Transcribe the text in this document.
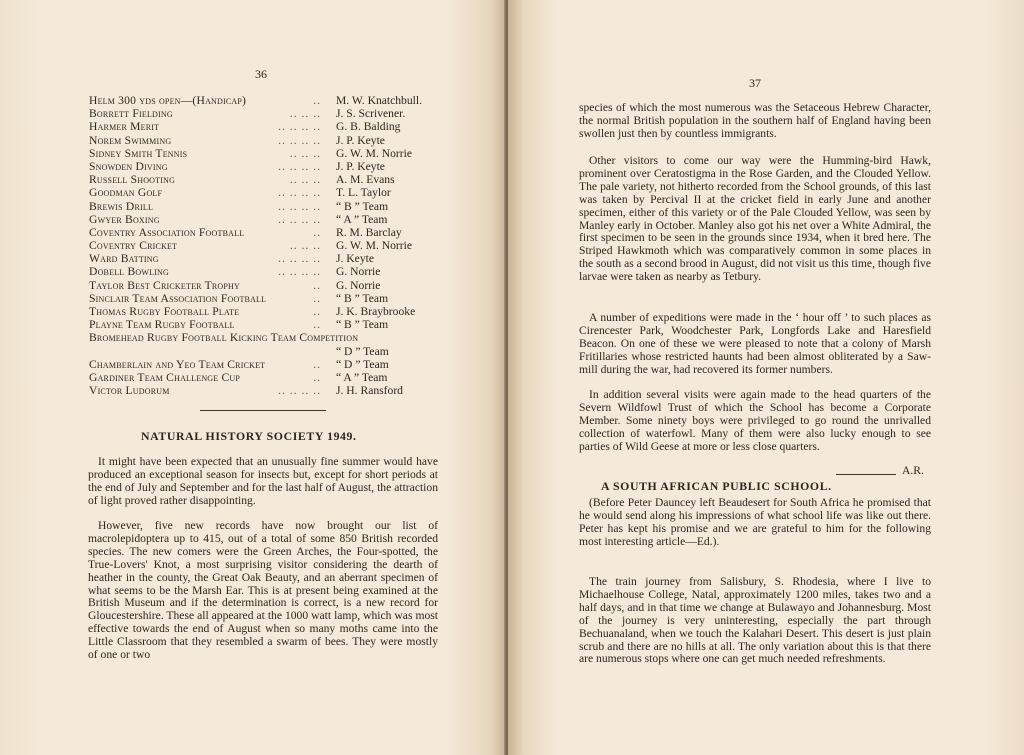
36
Helm 300 yds open—(Handicap)	.. M. W. Knatchbull.
Borrett Fielding	.. .. .. J. S. Scrivener.
Harmer Merit	.. .. .. .. G. B. Balding
Norem Swimming	.. .. .. .. J. P. Keyte
Sidney Smith Tennis	.. .. .. G. W. M. Norrie
Snowden Diving	.. .. .. .. J. P. Keyte
Russell Shooting	.. .. .. A. M. Evans
Goodman Golf	.. .. .. .. T. L. Taylor
Brewis Drill	.. .. .. .. “ B ” Team
Gwyer Boxing	.. .. .. .. “ A ” Team
Coventry Association Football	.. R. M. Barclay
Coventry Cricket	.. .. .. G. W. M. Norrie
Ward Batting	.. .. .. .. J. Keyte
Dobell Bowling	.. .. .. .. G. Norrie
Taylor Best Cricketer Trophy	.. G. Norrie
Sinclair Team Association Football	.. “ B ” Team
Thomas Rugby Football Plate	.. J. K. Braybrooke
Playne Team Rugby Football	.. “ B ” Team
Bromehead Rugby Football Kicking Team Competition
“ D ” Team
Chamberlain and Yeo Team Cricket	.. “ D ” Team
Gardiner Team Challenge Cup	.. “ A ” Team
Victor Ludorum	.. .. .. .. J. H. Ransford
NATURAL HISTORY SOCIETY 1949.
It might have been expected that an unusually fine summer would have produced an exceptional season for insects but, except for short periods at the end of July and September and for the last half of August, the attraction of light proved rather disappointing.
However, five new records have now brought our list of macrolepidoptera up to 415, out of a total of some 850 British recorded species. The new comers were the Green Arches, the Four-spotted, the True-Lovers' Knot, a most surprising visitor considering the dearth of heather in the county, the Great Oak Beauty, and an aberrant specimen of what seems to be the Marsh Ear. This is at present being examined at the British Museum and if the determination is correct, is a new record for Gloucestershire. These all appeared at the 1000 watt lamp, which was most effective towards the end of August when so many moths came into the Little Classroom that they resembled a swarm of bees. They were mostly of one or two
37
species of which the most numerous was the Setaceous Hebrew Character, the normal British population in the southern half of England having been swollen just then by countless immigrants.
Other visitors to come our way were the Humming-bird Hawk, prominent over Ceratostigma in the Rose Garden, and the Clouded Yellow. The pale variety, not hitherto recorded from the School grounds, of this last was taken by Percival II at the cricket field in early June and another specimen, either of this variety or of the Pale Clouded Yellow, was seen by Manley early in October. Manley also got his net over a White Admiral, the first specimen to be seen in the grounds since 1934, when it bred here. The Striped Hawkmoth which was comparatively common in some places in the south as a second brood in August, did not visit us this time, though five larvae were taken as nearby as Tetbury.
A number of expeditions were made in the ‘ hour off ’ to such places as Cirencester Park, Woodchester Park, Longfords Lake and Haresfield Beacon. On one of these we were pleased to note that a colony of Marsh Fritillaries whose restricted haunts had been almost obliterated by a Saw-mill during the war, had recovered its former numbers.
In addition several visits were again made to the head quarters of the Severn Wildfowl Trust of which the School has become a Corporate Member. Some ninety boys were privileged to go round the unrivalled collection of waterfowl. Many of them were also lucky enough to see parties of Wild Geese at more or less close quarters.
A.R.
A SOUTH AFRICAN PUBLIC SCHOOL.
(Before Peter Dauncey left Beaudesert for South Africa he promised that he would send along his impressions of what school life was like out there. Peter has kept his promise and we are grateful to him for the following most interesting article—Ed.).
The train journey from Salisbury, S. Rhodesia, where I live to Michaelhouse College, Natal, approximately 1200 miles, takes two and a half days, and in that time we change at Bulawayo and Johannesburg. Most of the journey is very uninteresting, especially the part through Bechuanaland, when we touch the Kalahari Desert. This desert is just plain scrub and there are no hills at all. The only variation about this is that there are numerous stops where one can get much needed refreshments.
